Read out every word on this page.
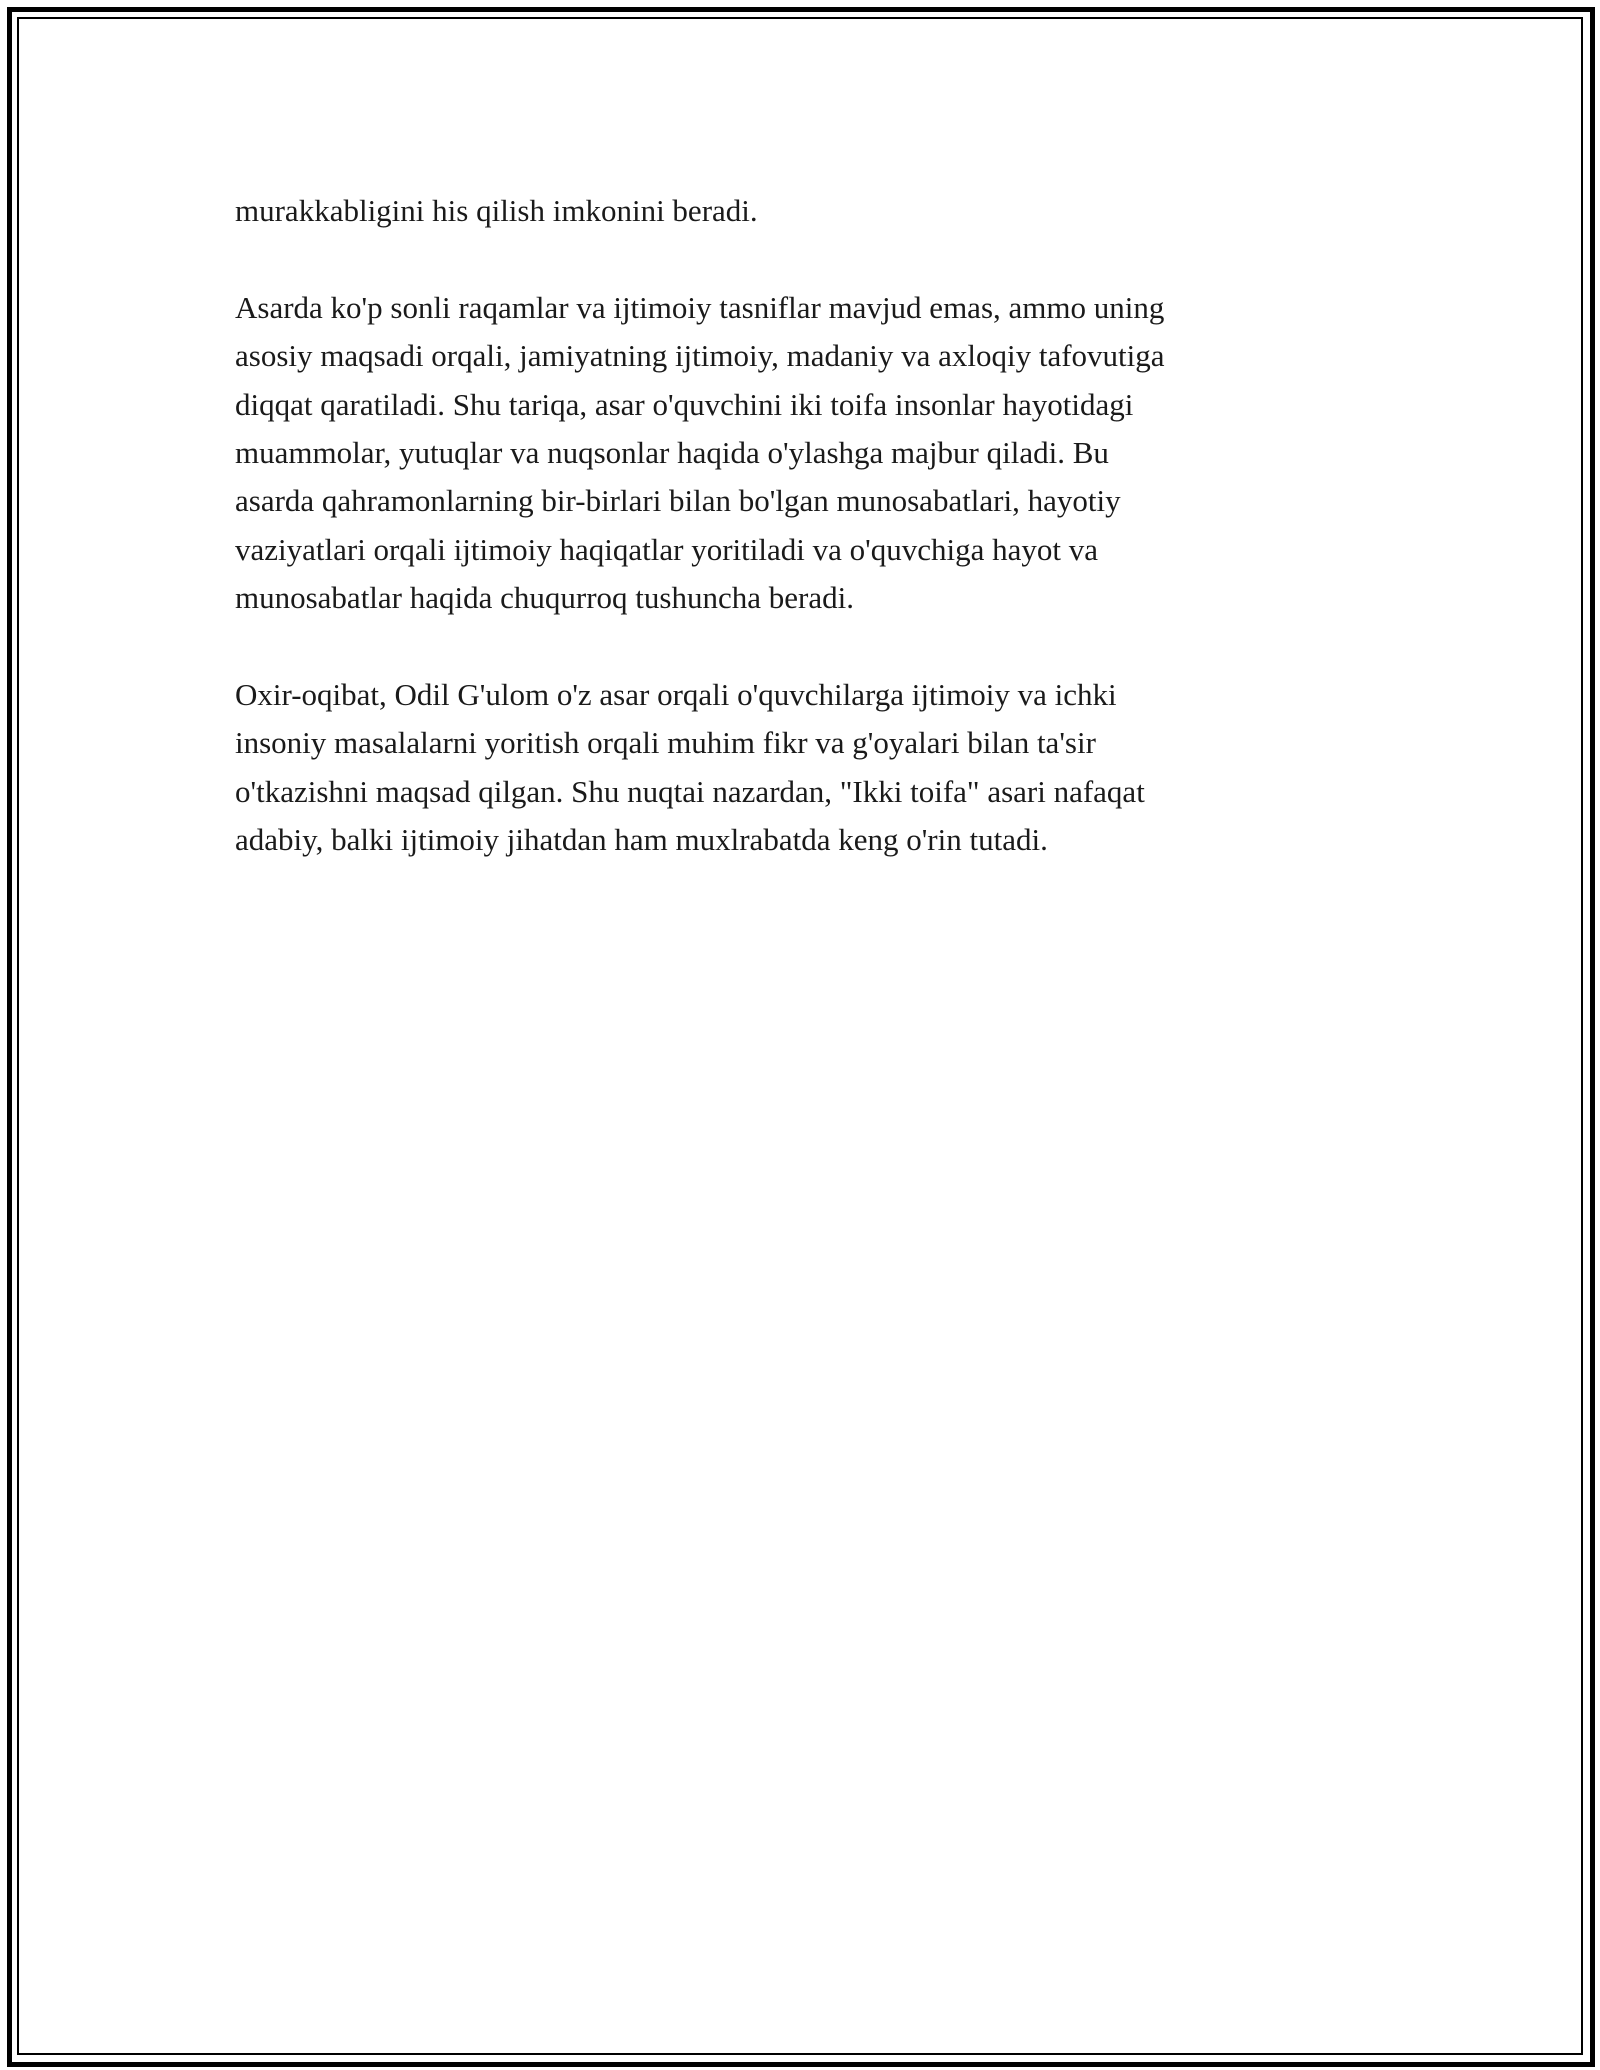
murakkabligini his qilish imkonini beradi.

Asarda ko'p sonli raqamlar va ijtimoiy tasniflar mavjud emas, ammo uning
asosiy maqsadi orqali, jamiyatning ijtimoiy, madaniy va axloqiy tafovutiga
diqqat qaratiladi. Shu tariqa, asar o'quvchini iki toifa insonlar hayotidagi
muammolar, yutuqlar va nuqsonlar haqida o'ylashga majbur qiladi. Bu
asarda qahramonlarning bir-birlari bilan bo'lgan munosabatlari, hayotiy
vaziyatlari orqali ijtimoiy haqiqatlar yoritiladi va o'quvchiga hayot va
munosabatlar haqida chuqurroq tushuncha beradi.

Oxir-oqibat, Odil G'ulom o'z asar orqali o'quvchilarga ijtimoiy va ichki
insoniy masalalarni yoritish orqali muhim fikr va g'oyalari bilan ta'sir
o'tkazishni maqsad qilgan. Shu nuqtai nazardan, "Ikki toifa" asari nafaqat
adabiy, balki ijtimoiy jihatdan ham muxlrabatda keng o'rin tutadi.
